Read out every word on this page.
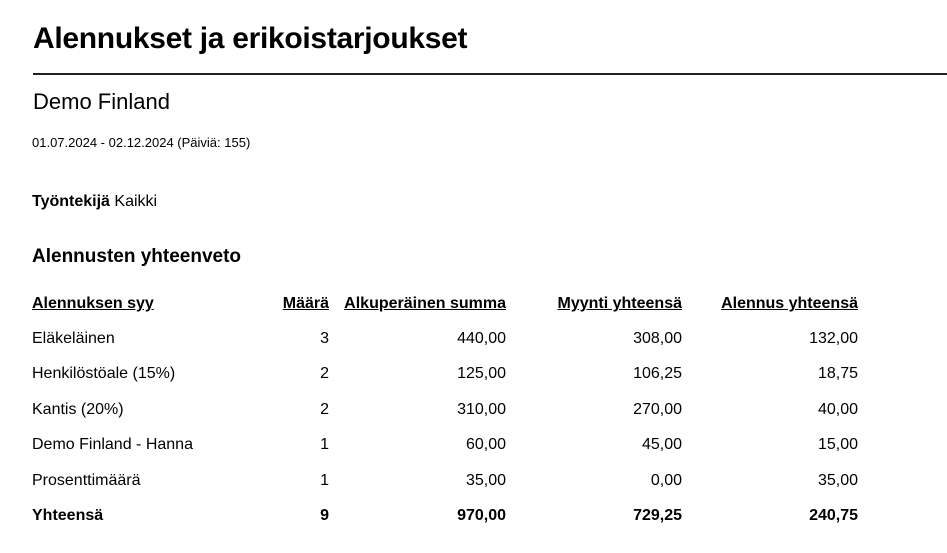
Alennukset ja erikoistarjoukset
Demo Finland
01.07.2024 - 02.12.2024 (Päiviä: 155)
Työntekijä Kaikki
Alennusten yhteenveto
Alennuksen syy	Määrä	Alkuperäinen summa	Myynti yhteensä	Alennus yhteensä
Eläkeläinen	3	440,00	308,00	132,00
Henkilöstöale (15%)	2	125,00	106,25	18,75
Kantis (20%)	2	310,00	270,00	40,00
Demo Finland - Hanna	1	60,00	45,00	15,00
Prosenttimäärä	1	35,00	0,00	35,00
Yhteensä	9	970,00	729,25	240,75
